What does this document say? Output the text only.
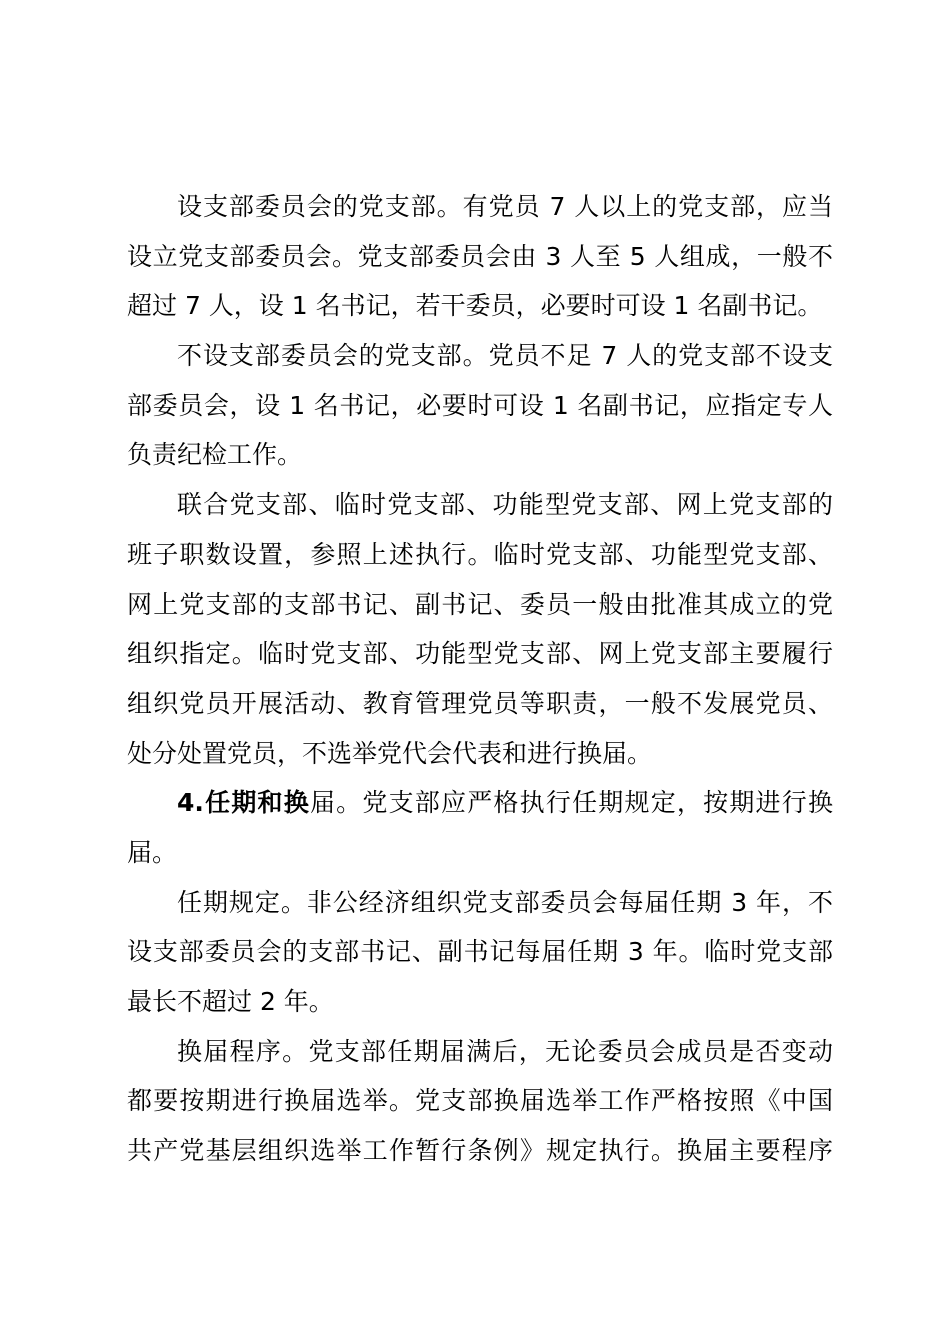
设支部委员会的党支部。有党员 7 人以上的党支部，应当
设立党支部委员会。党支部委员会由 3 人至 5 人组成，一般不
超过 7 人，设 1 名书记，若干委员，必要时可设 1 名副书记。
不设支部委员会的党支部。党员不足 7 人的党支部不设支
部委员会，设 1 名书记，必要时可设 1 名副书记，应指定专人
负责纪检工作。
联合党支部、临时党支部、功能型党支部、网上党支部的
班子职数设置，参照上述执行。临时党支部、功能型党支部、
网上党支部的支部书记、副书记、委员一般由批准其成立的党
组织指定。临时党支部、功能型党支部、网上党支部主要履行
组织党员开展活动、教育管理党员等职责，一般不发展党员、
处分处置党员，不选举党代会代表和进行换届。
4.任期和换届。党支部应严格执行任期规定，按期进行换
届。
任期规定。非公经济组织党支部委员会每届任期 3 年，不
设支部委员会的支部书记、副书记每届任期 3 年。临时党支部
最长不超过 2 年。
换届程序。党支部任期届满后，无论委员会成员是否变动
都要按期进行换届选举。党支部换届选举工作严格按照《中国
共产党基层组织选举工作暂行条例》规定执行。换届主要程序
